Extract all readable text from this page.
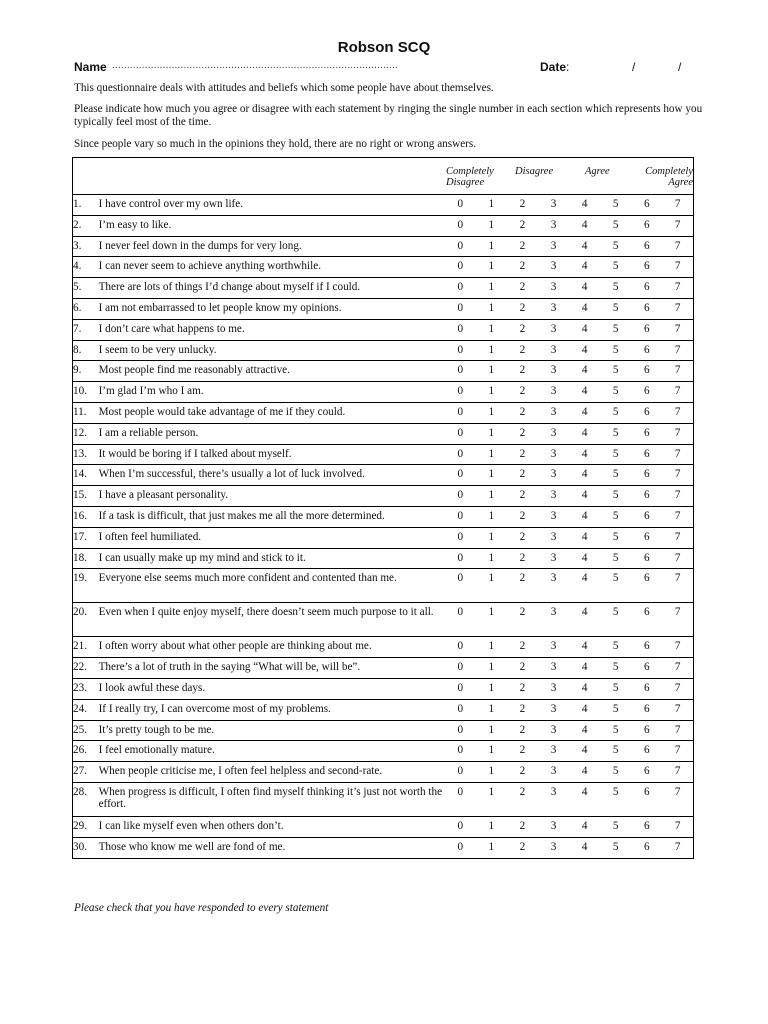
Robson SCQ
Name ................................................................................................	Date:	/	/
This questionnaire deals with attitudes and beliefs which some people have about themselves.
Please indicate how much you agree or disagree with each statement by ringing the single number in each section which represents how you typically feel most of the time.
Since people vary so much in the opinions they hold, there are no right or wrong answers.
Completely Disagree
Disagree Agree Completely Agree									

1.	I have control over my own life.	0	1	2	3	4	5	6	7
2.	I’m easy to like.	0	1	2	3	4	5	6	7
3.	I never feel down in the dumps for very long.	0	1	2	3	4	5	6	7
4.	I can never seem to achieve anything worthwhile.	0	1	2	3	4	5	6	7
5.	There are lots of things I’d change about myself if I could.	0	1	2	3	4	5	6	7
6.	I am not embarrassed to let people know my opinions.	0	1	2	3	4	5	6	7
7.	I don’t care what happens to me.	0	1	2	3	4	5	6	7
8.	I seem to be very unlucky.	0	1	2	3	4	5	6	7
9.	Most people find me reasonably attractive.	0	1	2	3	4	5	6	7
10.	I’m glad I’m who I am.	0	1	2	3	4	5	6	7
11.	Most people would take advantage of me if they could.	0	1	2	3	4	5	6	7
12.	I am a reliable person.	0	1	2	3	4	5	6	7
13.	It would be boring if I talked about myself.	0	1	2	3	4	5	6	7
14.	When I’m successful, there’s usually a lot of luck involved.	0	1	2	3	4	5	6	7
15.	I have a pleasant personality.	0	1	2	3	4	5	6	7
16.	If a task is difficult, that just makes me all the more determined.	0	1	2	3	4	5	6	7
17.	I often feel humiliated.	0	1	2	3	4	5	6	7
18.	I can usually make up my mind and stick to it.	0	1	2	3	4	5	6	7
19.	Everyone else seems much more confident and contented than me.	0	1	2	3	4	5	6	7
20.	Even when I quite enjoy myself, there doesn’t seem much purpose to it all.	0	1	2	3	4	5	6	7
21.	I often worry about what other people are thinking about me.	0	1	2	3	4	5	6	7
22.	There’s a lot of truth in the saying “What will be, will be”.	0	1	2	3	4	5	6	7
23.	I look awful these days.	0	1	2	3	4	5	6	7
24.	If I really try, I can overcome most of my problems.	0	1	2	3	4	5	6	7
25.	It’s pretty tough to be me.	0	1	2	3	4	5	6	7
26.	I feel emotionally mature.	0	1	2	3	4	5	6	7
27.	When people criticise me, I often feel helpless and second-rate.	0	1	2	3	4	5	6	7
28.	When progress is difficult, I often find myself thinking it’s just not worth the effort.	0	1	2	3	4	5	6	7
29.	I can like myself even when others don’t.	0	1	2	3	4	5	6	7
30.	Those who know me well are fond of me.	0	1	2	3	4	5	6	7
Please check that you have responded to every statement
